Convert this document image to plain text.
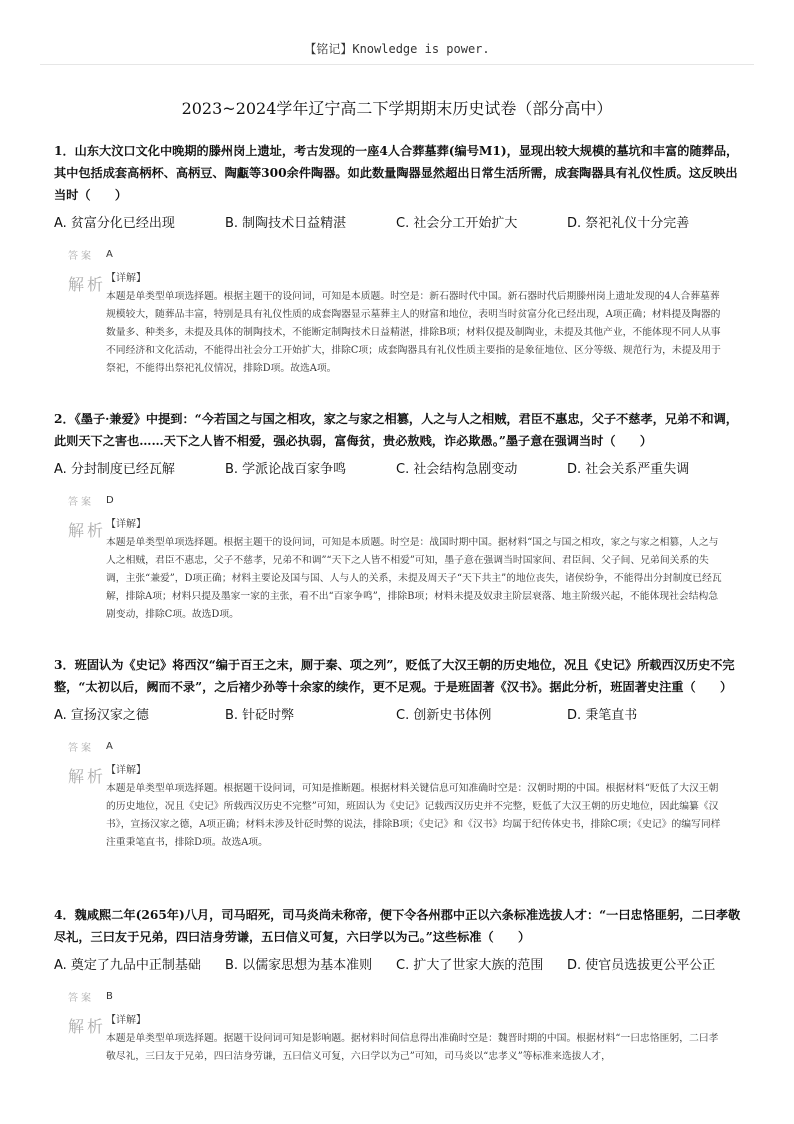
【铭记】Knowledge is power.
2023~2024学年辽宁高二下学期期末历史试卷（部分高中）

1．山东大汶口文化中晚期的滕州岗上遗址，考古发现的一座4人合葬墓葬(编号M1)，显现出较大规模的墓坑和丰富的随葬品，其中包括成套高柄杯、高柄豆、陶甗等300余件陶器。如此数量陶器显然超出日常生活所需，成套陶器具有礼仪性质。这反映出当时（　　）

A. 贫富分化已经出现	B. 制陶技术日益精湛	C. 社会分工开始扩大	D. 祭祀礼仪十分完善
答案	A
解析 【详解】
本题是单类型单项选择题。根据主题干的设问词，可知是本质题。时空是：新石器时代中国。新石器时代后期滕州岗上遗址发现的4人合葬墓葬规模较大，随葬品丰富，特别是具有礼仪性质的成套陶器显示墓葬主人的财富和地位，表明当时贫富分化已经出现，A项正确；材料提及陶器的数量多、种类多，未提及具体的制陶技术，不能断定制陶技术日益精湛，排除B项；材料仅提及制陶业，未提及其他产业，不能体现不同人从事不同经济和文化活动，不能得出社会分工开始扩大，排除C项；成套陶器具有礼仪性质主要指的是象征地位、区分等级、规范行为，未提及用于祭祀，不能得出祭祀礼仪情况，排除D项。故选A项。

2．《墨子·兼爱》中提到：“今若国之与国之相攻，家之与家之相篡，人之与人之相贼，君臣不惠忠，父子不慈孝，兄弟不和调，此则天下之害也……天下之人皆不相爱，强必执弱，富侮贫，贵必敖贱，诈必欺愚。”墨子意在强调当时（　　）

A. 分封制度已经瓦解	B. 学派论战百家争鸣	C. 社会结构急剧变动	D. 社会关系严重失调
答案	D
解析 【详解】
本题是单类型单项选择题。根据主题干的设问词，可知是本质题。时空是：战国时期中国。据材料“国之与国之相攻，家之与家之相篡，人之与人之相贼，君臣不惠忠，父子不慈孝，兄弟不和调”“天下之人皆不相爱”可知，墨子意在强调当时国家间、君臣间、父子间、兄弟间关系的失调，主张“兼爱”，D项正确；材料主要论及国与国、人与人的关系，未提及周天子“天下共主”的地位丧失，诸侯纷争，不能得出分封制度已经瓦解，排除A项；材料只提及墨家一家的主张，看不出“百家争鸣”，排除B项；材料未提及奴隶主阶层衰落、地主阶级兴起，不能体现社会结构急剧变动，排除C项。故选D项。

3．班固认为《史记》将西汉“编于百王之末，厕于秦、项之列”，贬低了大汉王朝的历史地位，况且《史记》所载西汉历史不完整，“太初以后，阙而不录”，之后褚少孙等十余家的续作，更不足观。于是班固著《汉书》。据此分析，班固著史注重（　　）

A. 宣扬汉家之德	B. 针砭时弊	C. 创新史书体例	D. 秉笔直书
答案	A
解析 【详解】
本题是单类型单项选择题。根据题干设问词，可知是推断题。根据材料关键信息可知准确时空是：汉朝时期的中国。根据材料“贬低了大汉王朝的历史地位，况且《史记》所载西汉历史不完整”可知，班固认为《史记》记载西汉历史并不完整，贬低了大汉王朝的历史地位，因此编纂《汉书》，宣扬汉家之德，A项正确；材料未涉及针砭时弊的说法，排除B项；《史记》和《汉书》均属于纪传体史书，排除C项；《史记》的编写同样注重秉笔直书，排除D项。故选A项。

4．魏咸熙二年(265年)八月，司马昭死，司马炎尚未称帝，便下令各州郡中正以六条标准选拔人才：“一曰忠恪匪躬，二曰孝敬尽礼，三曰友于兄弟，四曰洁身劳谦，五曰信义可复，六曰学以为己。”这些标准（　　）

A. 奠定了九品中正制基础	B. 以儒家思想为基本准则	C. 扩大了世家大族的范围	D. 使官员选拔更公平公正
答案	B
解析 【详解】
本题是单类型单项选择题。据题干设问词可知是影响题。据材料时间信息得出准确时空是：魏晋时期的中国。根据材料“一曰忠恪匪躬，二曰孝敬尽礼，三曰友于兄弟，四曰洁身劳谦，五曰信义可复，六曰学以为己”可知，司马炎以“忠孝义”等标准来选拔人才，
